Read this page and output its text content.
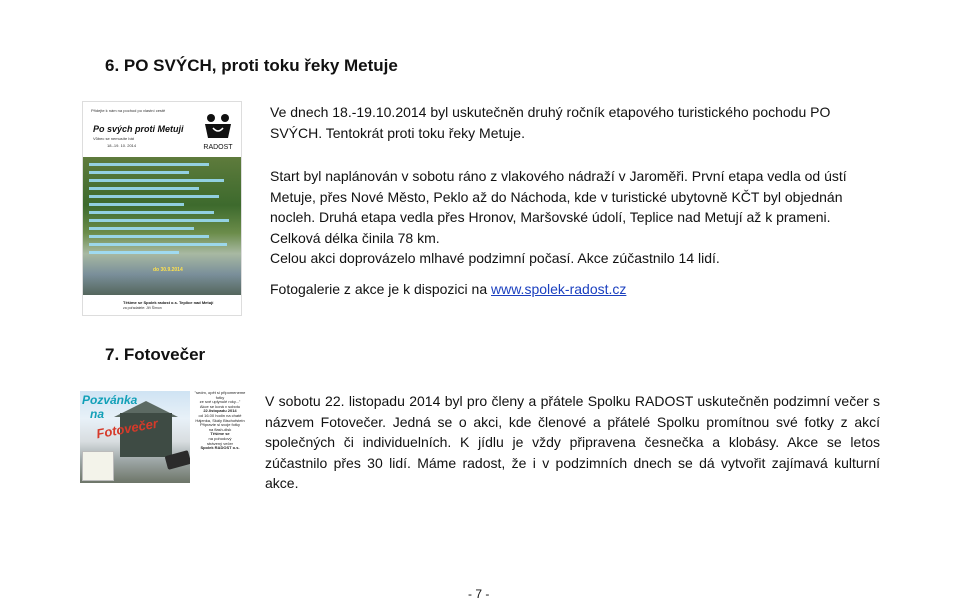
6. PO SVÝCH, proti toku řeky Metuje
Přidejte k nám na pochod po vlastní cestě
Po svých proti Metuji
Vůbec se nemusíte bát
18.-19. 10. 2014	RADOST
do 30.9.2014
Těšíme se Spolek radost o.s. Teplice nad Metují
za pořadatele: Jiří Šimon
Ve dnech 18.-19.10.2014 byl uskutečněn druhý ročník etapového turistického pochodu PO
SVÝCH. Tentokrát proti toku řeky Metuje.
Start byl naplánován v sobotu ráno z vlakového nádraží v Jaroměři. První etapa vedla od ústí
Metuje, přes Nové Město, Peklo až do Náchoda, kde v turistické ubytovně KČT byl objednán
nocleh. Druhá etapa vedla přes Hronov, Maršovské údolí, Teplice nad Metují až k prameni.
Celková délka činila 78 km.
Celou akci doprovázelo mlhavé podzimní počasí. Akce zúčastnilo 14 lidí.
Fotogalerie z akce je k dispozici na www.spolek-radost.cz
7. Fotovečer
Pozvánka
na
Fotovečer
"sedm, opět si připomeneme fotky
ze své uplynulé roky..."
Akce se koná v sobotu
22.listopadu 2014
od 16.00 hodin na chatě
Hájenka, Skály Bischofstein
Připravte si svoje fotky
na flash-disk
Těšíme se
na pohodový
strávený večer
Spolek RADOST o.s.
V sobotu 22. listopadu 2014 byl pro členy a přátele Spolku RADOST uskutečněn podzimní večer s názvem Fotovečer. Jedná se o akci, kde členové a přátelé Spolku promítnou své fotky z akcí společných či individuelních. K jídlu je vždy připravena česnečka a klobásy. Akce se letos zúčastnilo přes 30 lidí. Máme radost, že i v podzimních dnech se dá vytvořit zajímavá kulturní akce.
- 7 -
